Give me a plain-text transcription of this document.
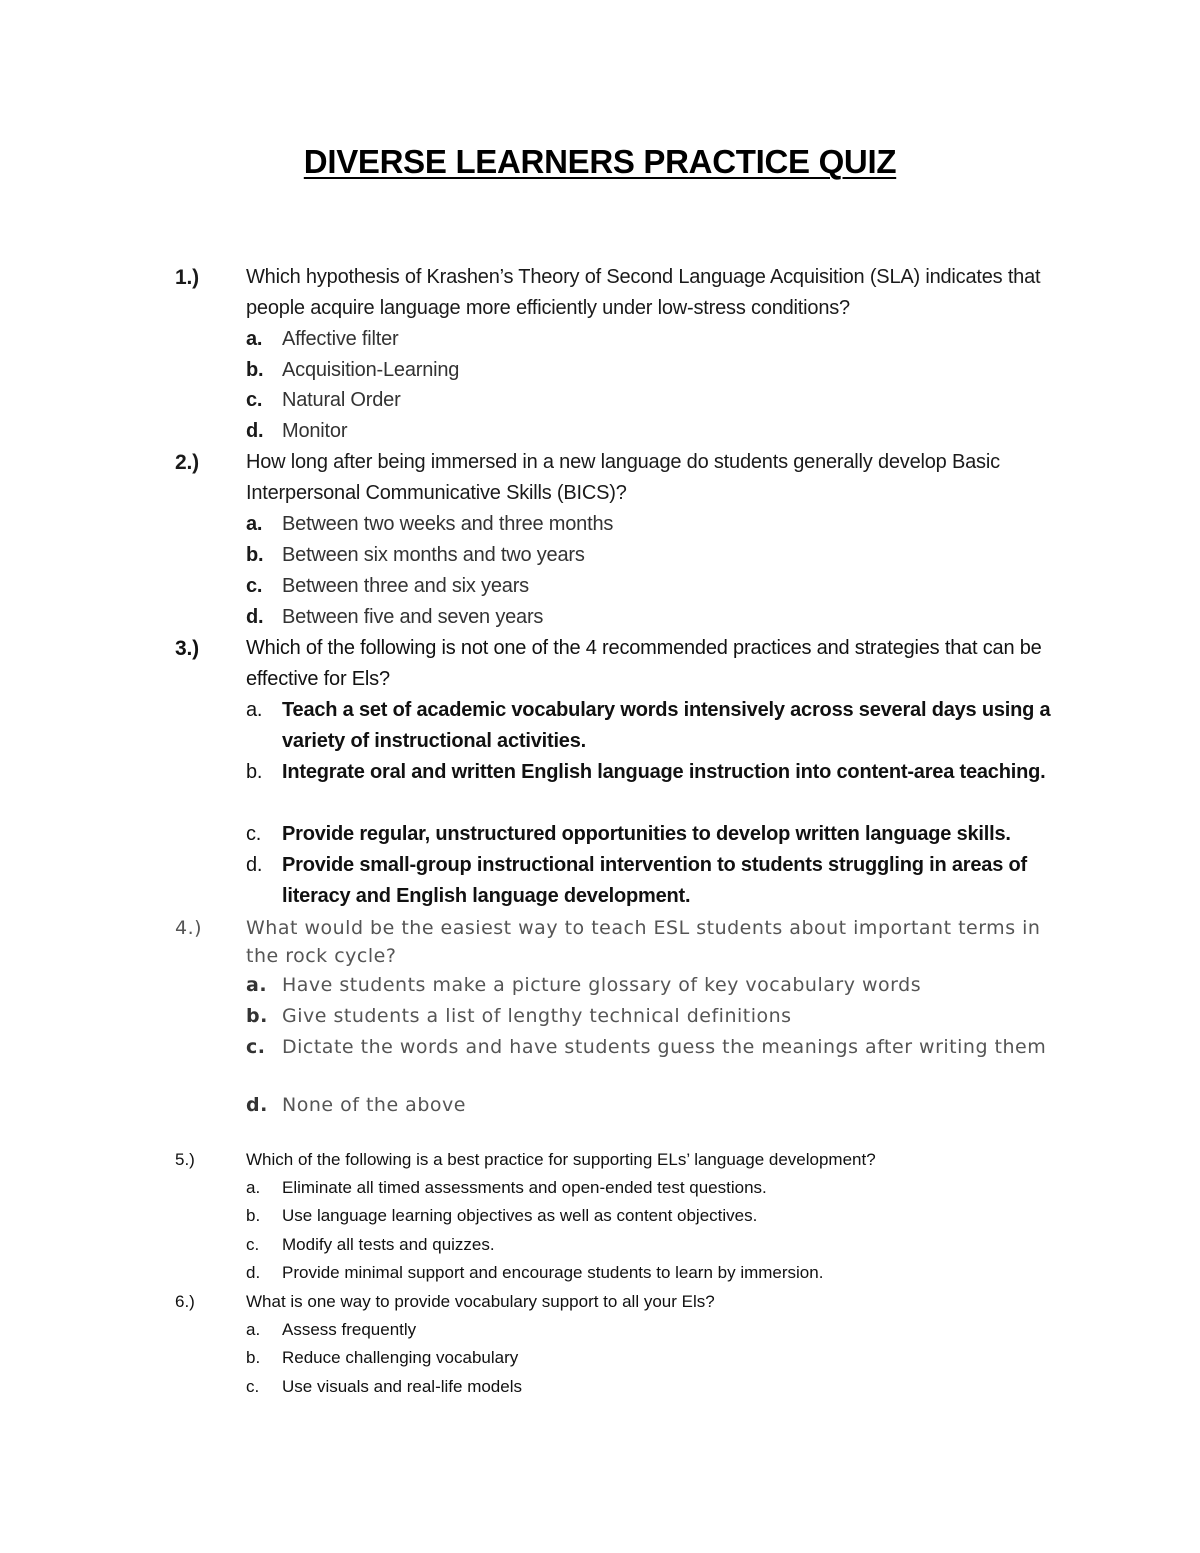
DIVERSE LEARNERS PRACTICE QUIZ
1.) Which hypothesis of Krashen’s Theory of Second Language Acquisition (SLA) indicates that people acquire language more efficiently under low-stress conditions?
a. Affective filter
b. Acquisition-Learning
c. Natural Order
d. Monitor
2.) How long after being immersed in a new language do students generally develop Basic Interpersonal Communicative Skills (BICS)?
a. Between two weeks and three months
b. Between six months and two years
c. Between three and six years
d. Between five and seven years
3.) Which of the following is not one of the 4 recommended practices and strategies that can be effective for Els?
a. Teach a set of academic vocabulary words intensively across several days using a variety of instructional activities.
b. Integrate oral and written English language instruction into content-area teaching.
c. Provide regular, unstructured opportunities to develop written language skills.
d. Provide small-group instructional intervention to students struggling in areas of literacy and English language development.
4.) What would be the easiest way to teach ESL students about important terms in the rock cycle?
a. Have students make a picture glossary of key vocabulary words
b. Give students a list of lengthy technical definitions
c. Dictate the words and have students guess the meanings after writing them
d. None of the above
5.)	Which of the following is a best practice for supporting ELs’ language development?
a. Eliminate all timed assessments and open-ended test questions.
b. Use language learning objectives as well as content objectives.
c. Modify all tests and quizzes.
d. Provide minimal support and encourage students to learn by immersion.
6.)	What is one way to provide vocabulary support to all your Els?
a. Assess frequently
b. Reduce challenging vocabulary
c. Use visuals and real-life models
